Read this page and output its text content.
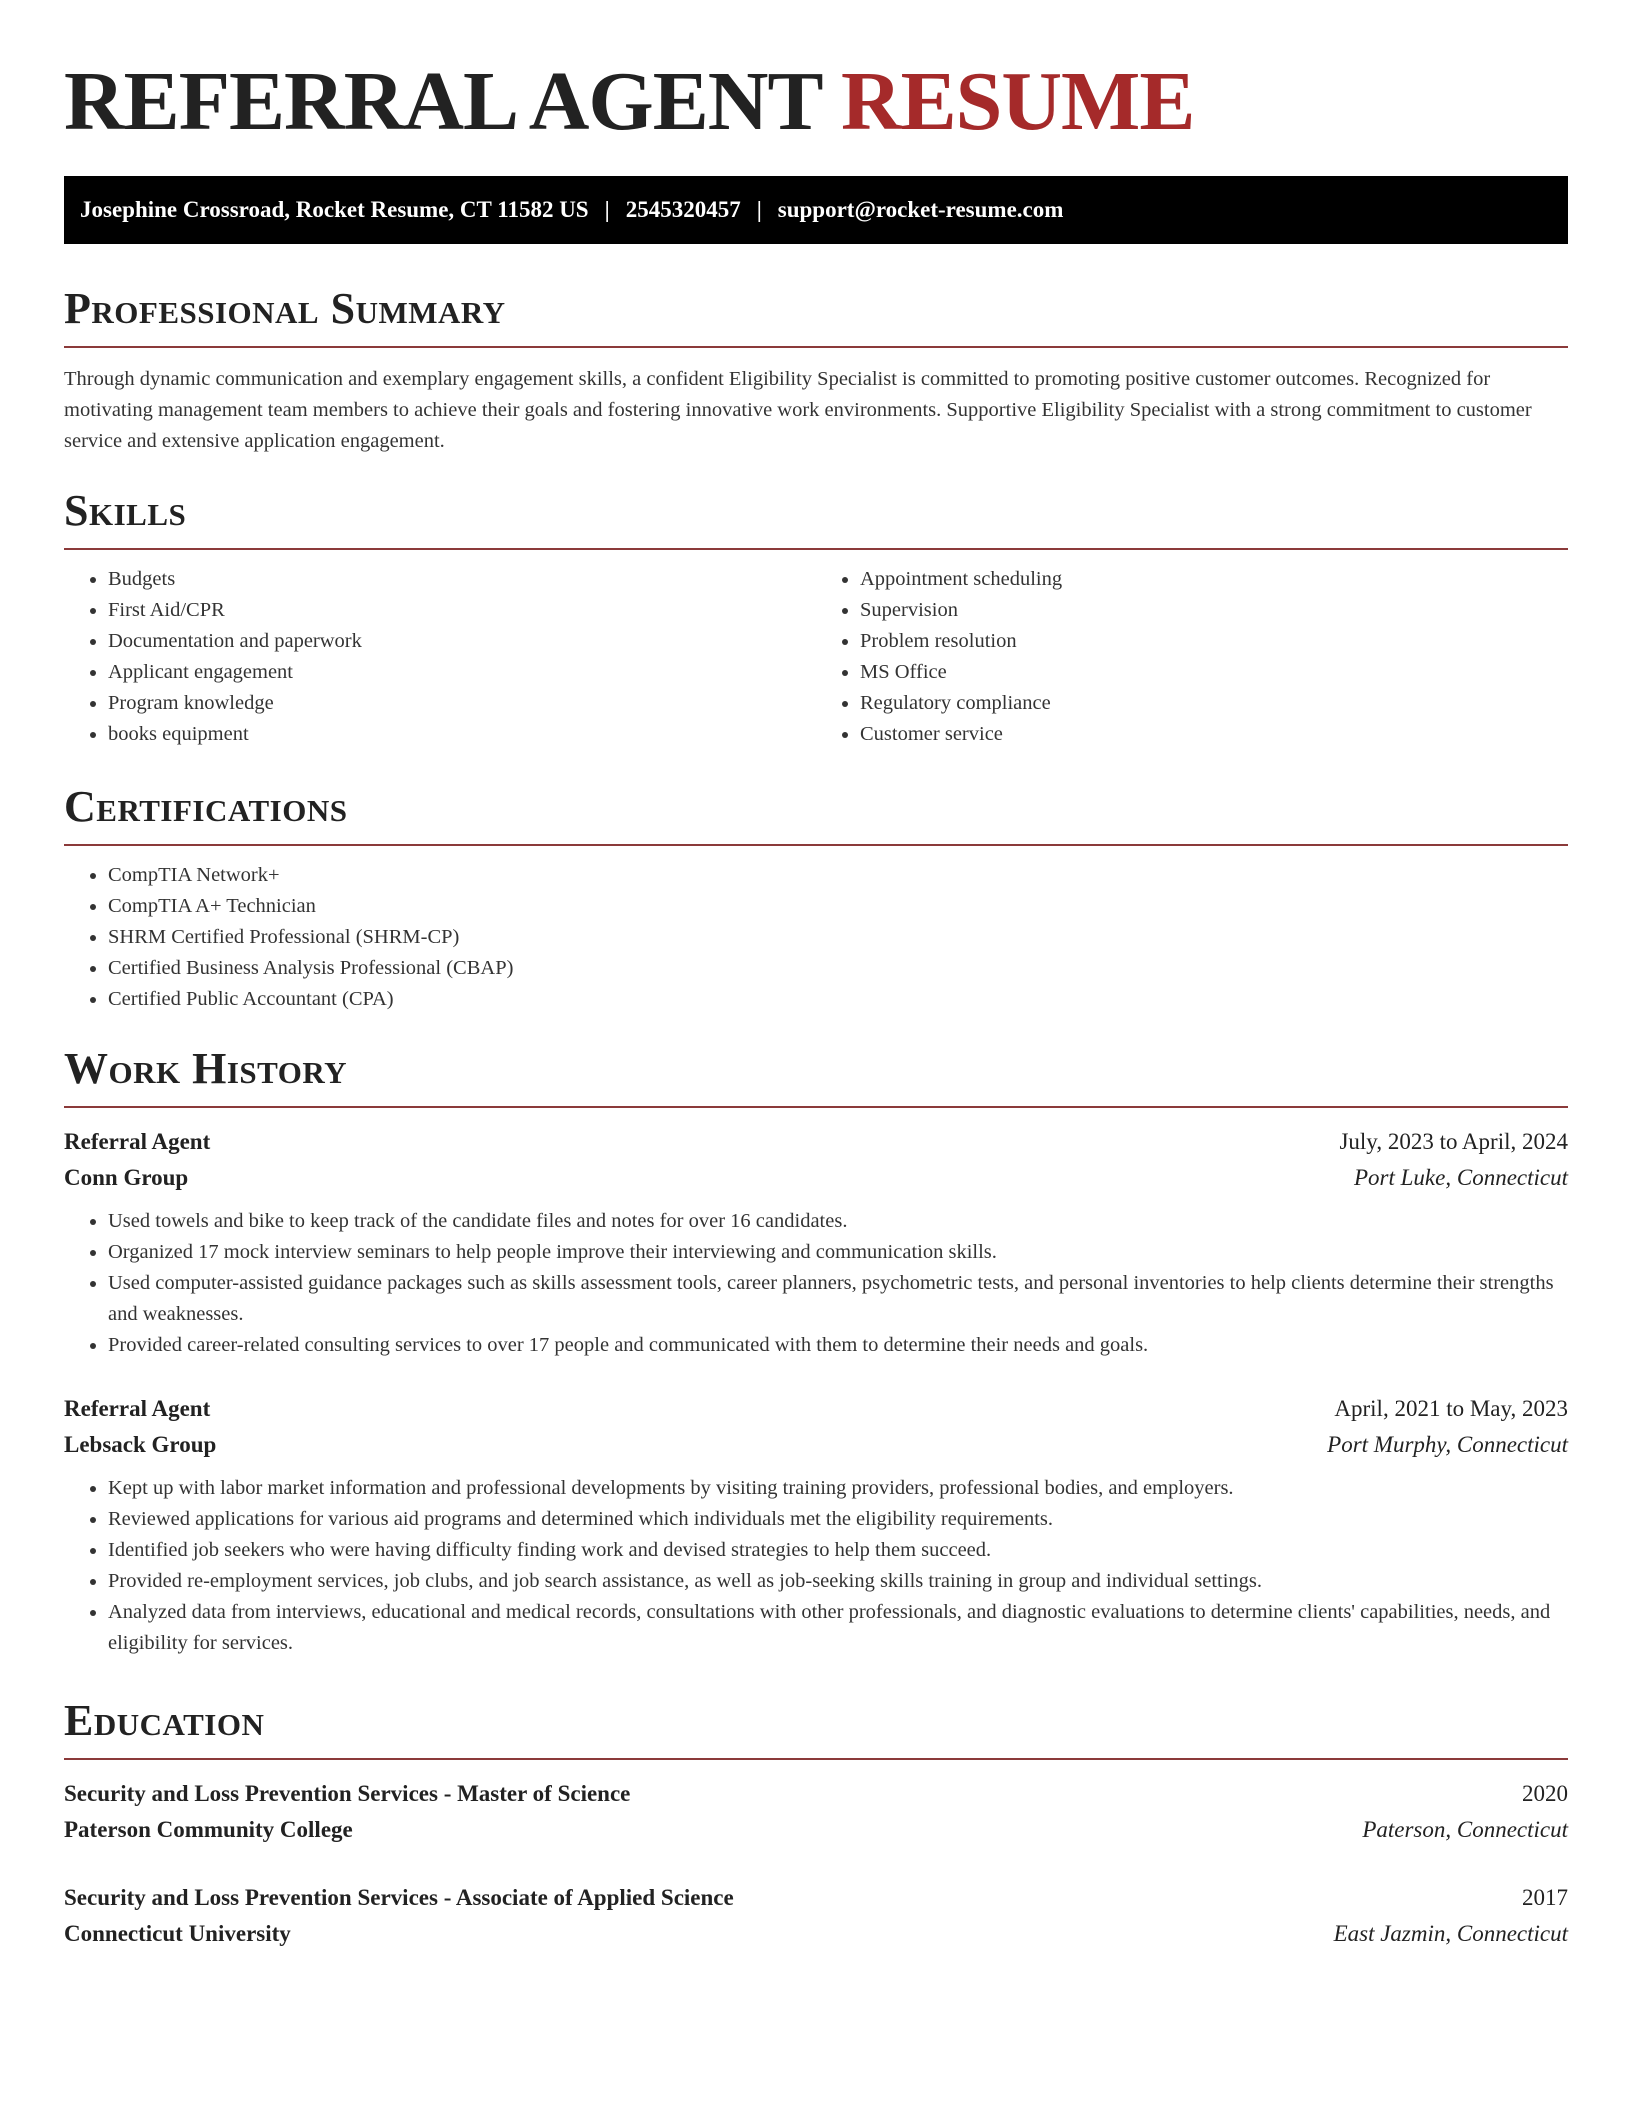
REFERRAL AGENT RESUME
Josephine Crossroad, Rocket Resume, CT 11582 US | 2545320457 | support@rocket-resume.com
Professional Summary
Through dynamic communication and exemplary engagement skills, a confident Eligibility Specialist is committed to promoting positive customer outcomes. Recognized for motivating management team members to achieve their goals and fostering innovative work environments. Supportive Eligibility Specialist with a strong commitment to customer service and extensive application engagement.
Skills
• Budgets
• First Aid/CPR
• Documentation and paperwork
• Applicant engagement
• Program knowledge
• books equipment
• Appointment scheduling
• Supervision
• Problem resolution
• MS Office
• Regulatory compliance
• Customer service
Certifications
• CompTIA Network+
• CompTIA A+ Technician
• SHRM Certified Professional (SHRM-CP)
• Certified Business Analysis Professional (CBAP)
• Certified Public Accountant (CPA)
Work History
Referral Agent	July, 2023 to April, 2024
Conn Group	Port Luke, Connecticut
• Used towels and bike to keep track of the candidate files and notes for over 16 candidates.
• Organized 17 mock interview seminars to help people improve their interviewing and communication skills.
• Used computer-assisted guidance packages such as skills assessment tools, career planners, psychometric tests, and personal inventories to help clients determine their strengths and weaknesses.
• Provided career-related consulting services to over 17 people and communicated with them to determine their needs and goals.
Referral Agent	April, 2021 to May, 2023
Lebsack Group	Port Murphy, Connecticut
• Kept up with labor market information and professional developments by visiting training providers, professional bodies, and employers.
• Reviewed applications for various aid programs and determined which individuals met the eligibility requirements.
• Identified job seekers who were having difficulty finding work and devised strategies to help them succeed.
• Provided re-employment services, job clubs, and job search assistance, as well as job-seeking skills training in group and individual settings.
• Analyzed data from interviews, educational and medical records, consultations with other professionals, and diagnostic evaluations to determine clients' capabilities, needs, and eligibility for services.
Education
Security and Loss Prevention Services - Master of Science	2020
Paterson Community College	Paterson, Connecticut
Security and Loss Prevention Services - Associate of Applied Science	2017
Connecticut University	East Jazmin, Connecticut
